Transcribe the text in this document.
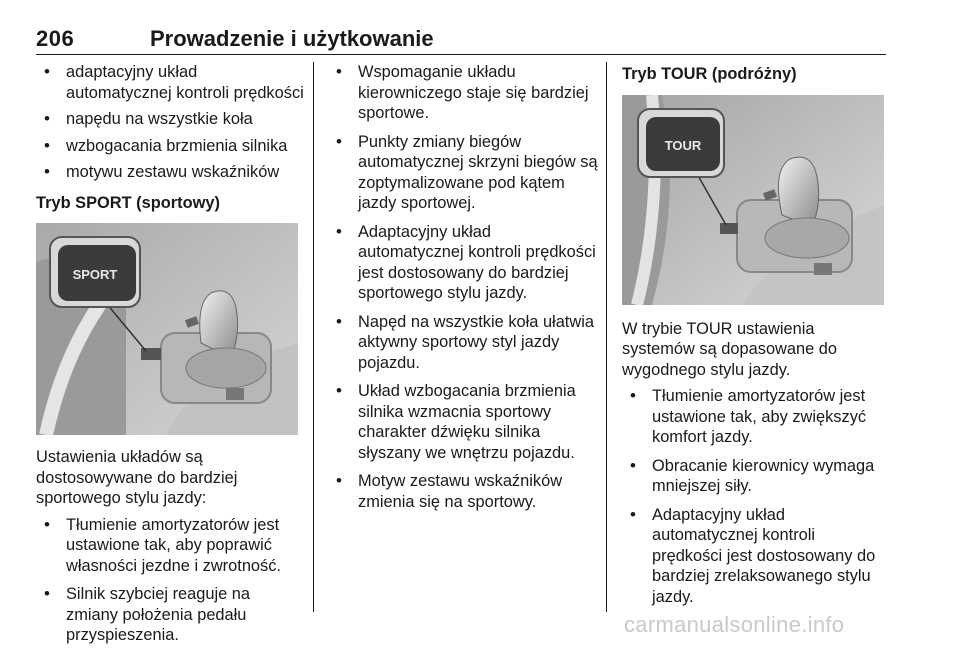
206	Prowadzenie i użytkowanie
• adaptacyjny układ automatycznej kontroli prędkości
• napędu na wszystkie koła
• wzbogacania brzmienia silnika
• motywu zestawu wskaźników
Tryb SPORT (sportowy)
SPORT

Ustawienia układów są dostosowywane do bardziej sportowego stylu jazdy:

• Tłumienie amortyzatorów jest ustawione tak, aby poprawić własności jezdne i zwrotność.
• Silnik szybciej reaguje na zmiany położenia pedału przyspieszenia.
• Wspomaganie układu kierowniczego staje się bardziej sportowe.
• Punkty zmiany biegów automatycznej skrzyni biegów są zoptymalizowane pod kątem jazdy sportowej.
• Adaptacyjny układ automatycznej kontroli prędkości jest dostosowany do bardziej sportowego stylu jazdy.
• Napęd na wszystkie koła ułatwia aktywny sportowy styl jazdy pojazdu.
• Układ wzbogacania brzmienia silnika wzmacnia sportowy charakter dźwięku silnika słyszany we wnętrzu pojazdu.
• Motyw zestawu wskaźników zmienia się na sportowy.
Tryb TOUR (podróżny)
TOUR

W trybie TOUR ustawienia systemów są dopasowane do wygodnego stylu jazdy.

• Tłumienie amortyzatorów jest ustawione tak, aby zwiększyć komfort jazdy.
• Obracanie kierownicy wymaga mniejszej siły.
• Adaptacyjny układ automatycznej kontroli prędkości jest dostosowany do bardziej zrelaksowanego stylu jazdy.
carmanualsonline.info
